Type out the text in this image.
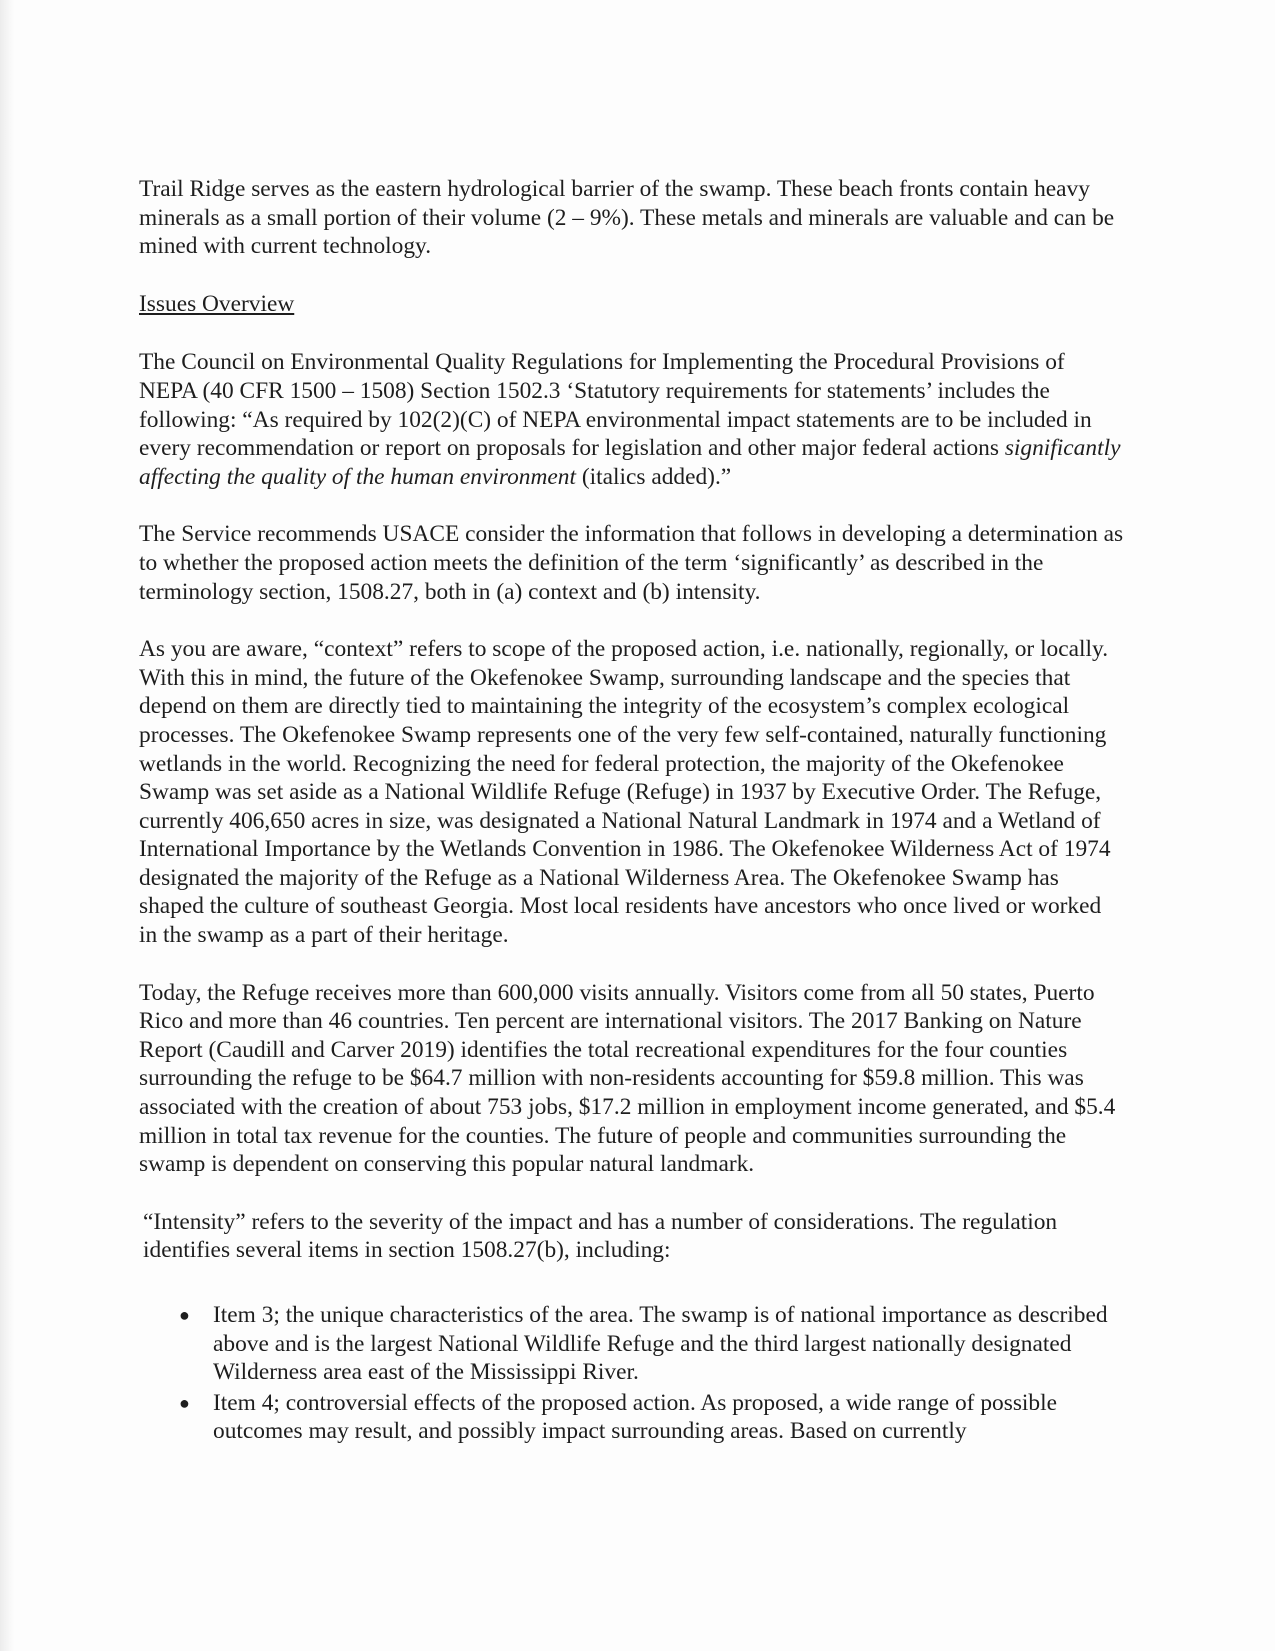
Trail Ridge serves as the eastern hydrological barrier of the swamp. These beach fronts contain heavy minerals as a small portion of their volume (2 – 9%). These metals and minerals are valuable and can be mined with current technology.

Issues Overview

The Council on Environmental Quality Regulations for Implementing the Procedural Provisions of NEPA (40 CFR 1500 – 1508) Section 1502.3 ‘Statutory requirements for statements’ includes the following: “As required by 102(2)(C) of NEPA environmental impact statements are to be included in every recommendation or report on proposals for legislation and other major federal actions significantly affecting the quality of the human environment (italics added).”

The Service recommends USACE consider the information that follows in developing a determination as to whether the proposed action meets the definition of the term ‘significantly’ as described in the terminology section, 1508.27, both in (a) context and (b) intensity.

As you are aware, “context” refers to scope of the proposed action, i.e. nationally, regionally, or locally. With this in mind, the future of the Okefenokee Swamp, surrounding landscape and the species that depend on them are directly tied to maintaining the integrity of the ecosystem’s complex ecological processes. The Okefenokee Swamp represents one of the very few self-contained, naturally functioning wetlands in the world. Recognizing the need for federal protection, the majority of the Okefenokee Swamp was set aside as a National Wildlife Refuge (Refuge) in 1937 by Executive Order. The Refuge, currently 406,650 acres in size, was designated a National Natural Landmark in 1974 and a Wetland of International Importance by the Wetlands Convention in 1986. The Okefenokee Wilderness Act of 1974 designated the majority of the Refuge as a National Wilderness Area. The Okefenokee Swamp has shaped the culture of southeast Georgia. Most local residents have ancestors who once lived or worked in the swamp as a part of their heritage.

Today, the Refuge receives more than 600,000 visits annually. Visitors come from all 50 states, Puerto Rico and more than 46 countries. Ten percent are international visitors. The 2017 Banking on Nature Report (Caudill and Carver 2019) identifies the total recreational expenditures for the four counties surrounding the refuge to be $64.7 million with non-residents accounting for $59.8 million. This was associated with the creation of about 753 jobs, $17.2 million in employment income generated, and $5.4 million in total tax revenue for the counties. The future of people and communities surrounding the swamp is dependent on conserving this popular natural landmark.

“Intensity” refers to the severity of the impact and has a number of considerations. The regulation identifies several items in section 1508.27(b), including:

● Item 3; the unique characteristics of the area. The swamp is of national importance as described above and is the largest National Wildlife Refuge and the third largest nationally designated Wilderness area east of the Mississippi River.
● Item 4; controversial effects of the proposed action. As proposed, a wide range of possible outcomes may result, and possibly impact surrounding areas. Based on currently
